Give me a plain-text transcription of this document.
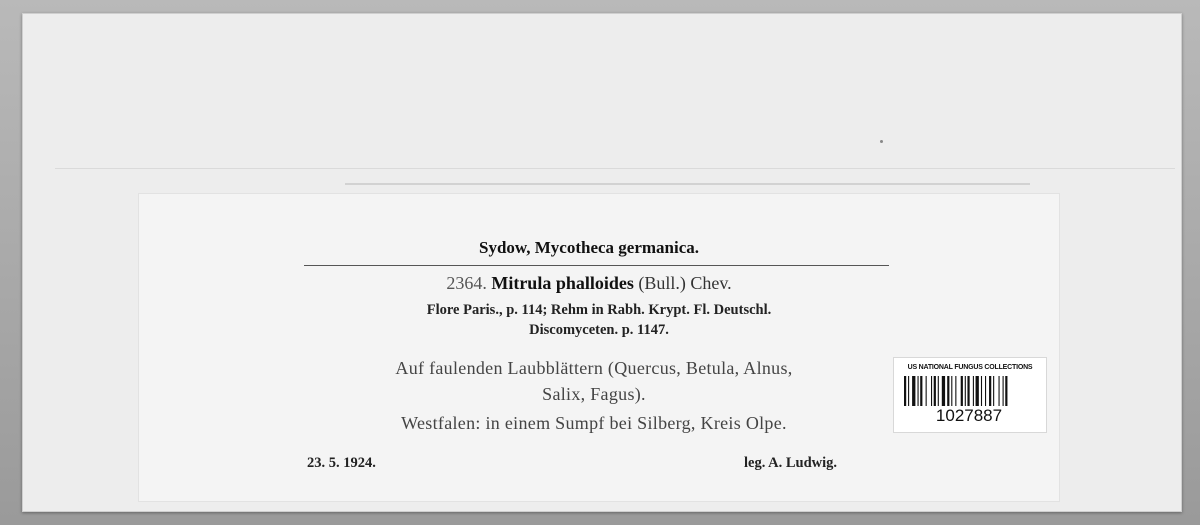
Sydow, Mycotheca germanica.
2364. Mitrula phalloides (Bull.) Chev.
Flore Paris., p. 114; Rehm in Rabh. Krypt. Fl. Deutschl.
Discomyceten. p. 1147.
Auf faulenden Laubblättern (Quercus, Betula, Alnus,
Salix, Fagus).
Westfalen: in einem Sumpf bei Silberg, Kreis Olpe.
23. 5. 1924.	leg. A. Ludwig.
US NATIONAL FUNGUS COLLECTIONS
1027887
